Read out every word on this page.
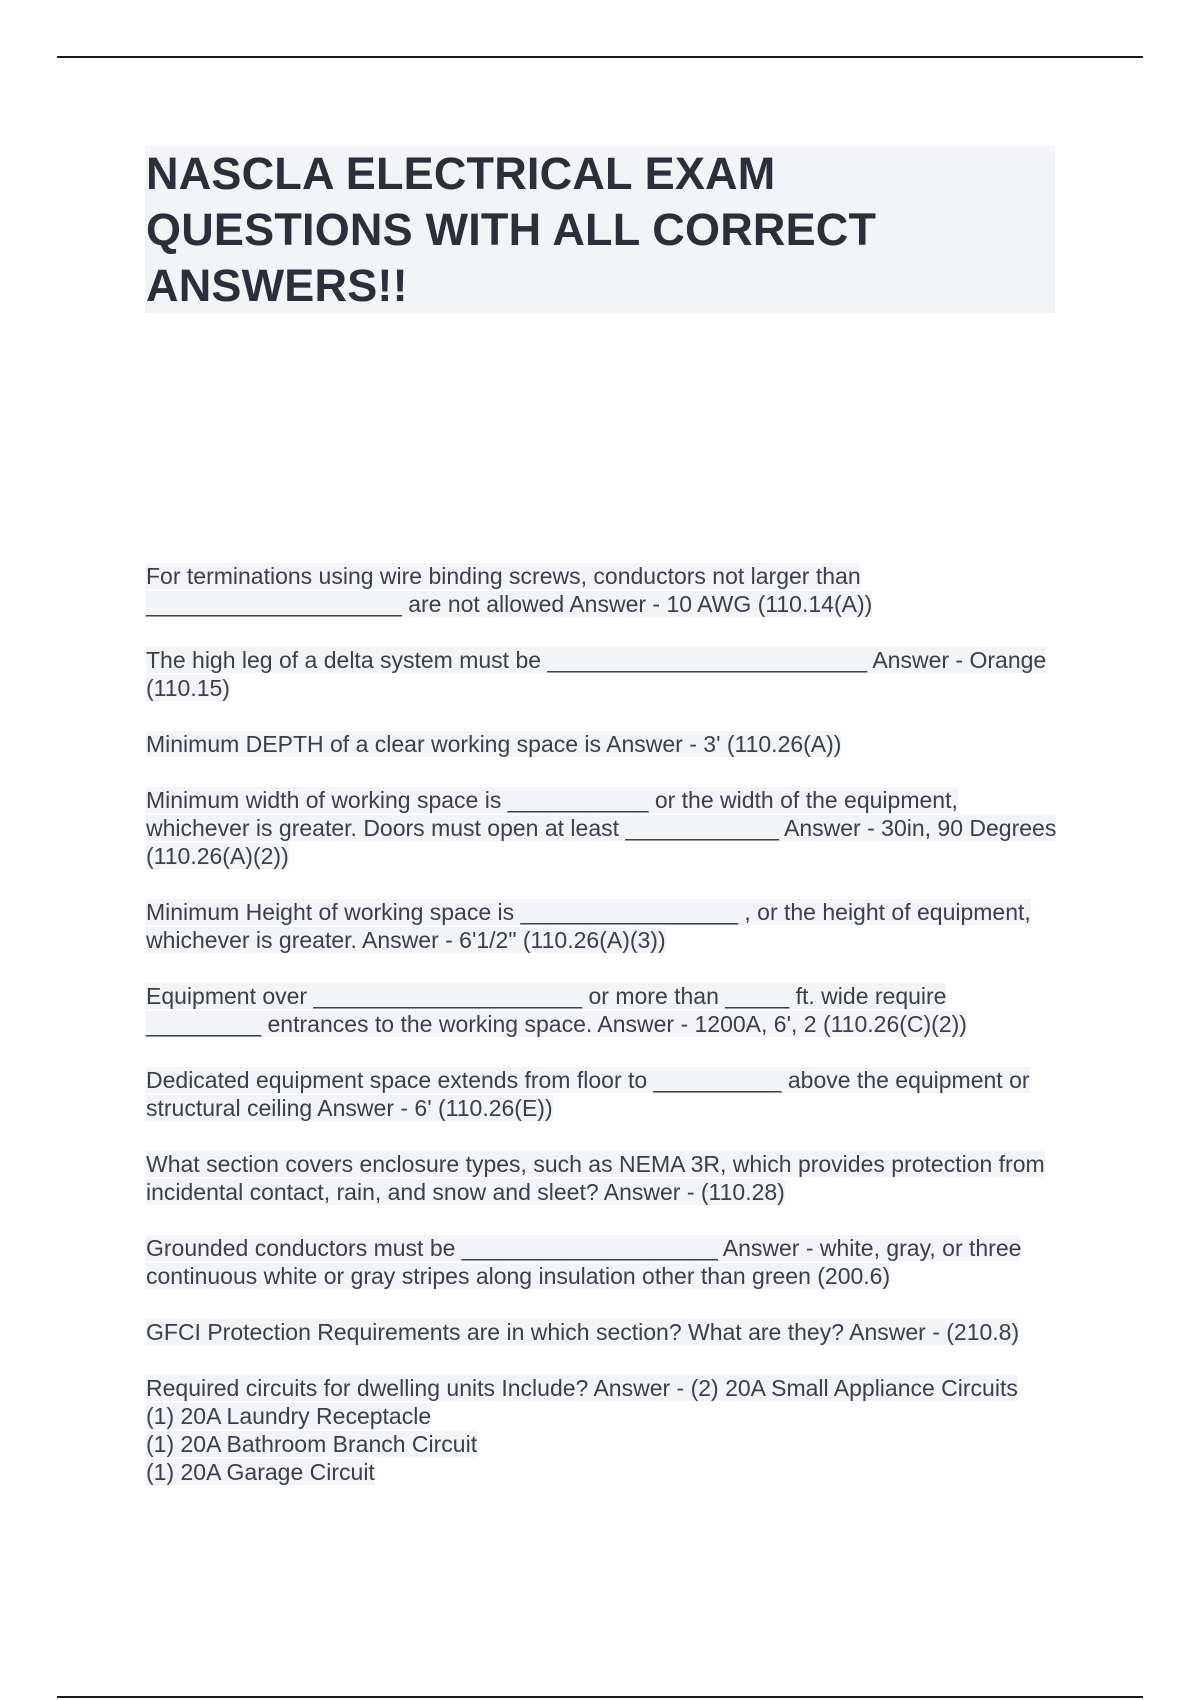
NASCLA ELECTRICAL EXAM QUESTIONS WITH ALL CORRECT ANSWERS!!

For terminations using wire binding screws, conductors not larger than ____________________ are not allowed Answer - 10 AWG (110.14(A))

The high leg of a delta system must be _________________________ Answer - Orange (110.15)

Minimum DEPTH of a clear working space is Answer - 3' (110.26(A))

Minimum width of working space is ___________ or the width of the equipment, whichever is greater. Doors must open at least ____________ Answer - 30in, 90 Degrees (110.26(A)(2))

Minimum Height of working space is _________________ , or the height of equipment, whichever is greater. Answer - 6'1/2" (110.26(A)(3))

Equipment over _____________________ or more than _____ ft. wide require _________ entrances to the working space. Answer - 1200A, 6', 2 (110.26(C)(2))

Dedicated equipment space extends from floor to __________ above the equipment or structural ceiling Answer - 6' (110.26(E))

What section covers enclosure types, such as NEMA 3R, which provides protection from incidental contact, rain, and snow and sleet? Answer - (110.28)

Grounded conductors must be ____________________ Answer - white, gray, or three continuous white or gray stripes along insulation other than green (200.6)

GFCI Protection Requirements are in which section? What are they? Answer - (210.8)

Required circuits for dwelling units Include? Answer - (2) 20A Small Appliance Circuits
(1) 20A Laundry Receptacle
(1) 20A Bathroom Branch Circuit
(1) 20A Garage Circuit
